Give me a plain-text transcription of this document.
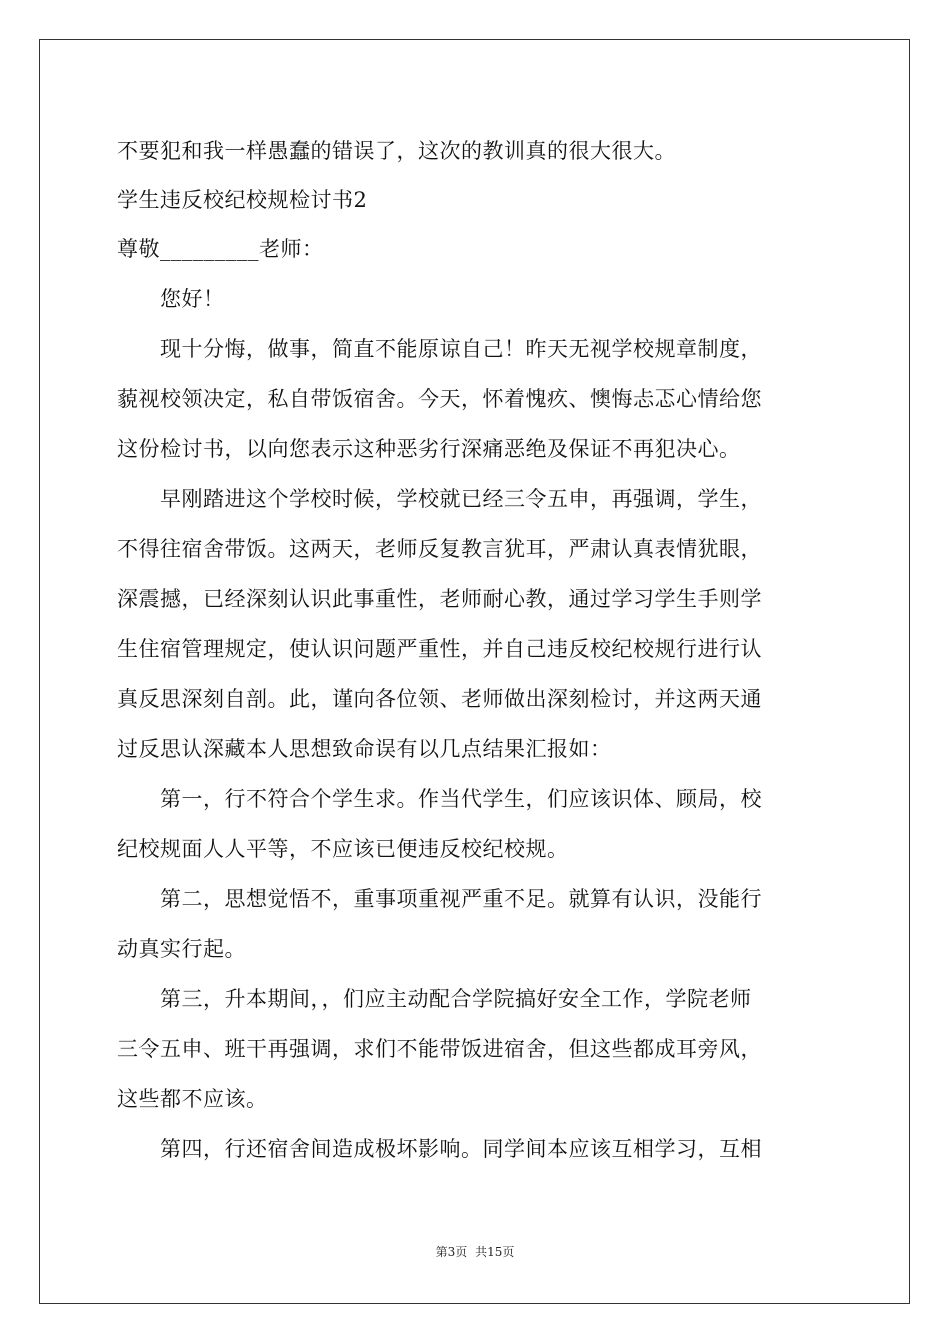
不要犯和我一样愚蠢的错误了，这次的教训真的很大很大。
学生违反校纪校规检讨书2
尊敬_________老师：
您好！
现十分悔，做事，简直不能原谅自己！昨天无视学校规章制度，
藐视校领决定，私自带饭宿舍。今天，怀着愧疚、懊悔忐忑心情给您
这份检讨书，以向您表示这种恶劣行深痛恶绝及保证不再犯决心。
早刚踏进这个学校时候，学校就已经三令五申，再强调，学生，
不得往宿舍带饭。这两天，老师反复教言犹耳，严肃认真表情犹眼，
深震撼，已经深刻认识此事重性，老师耐心教，通过学习学生手则学
生住宿管理规定，使认识问题严重性，并自己违反校纪校规行进行认
真反思深刻自剖。此，谨向各位领、老师做出深刻检讨，并这两天通
过反思认深藏本人思想致命误有以几点结果汇报如：
第一，行不符合个学生求。作当代学生，们应该识体、顾局，校
纪校规面人人平等，不应该已便违反校纪校规。
第二，思想觉悟不，重事项重视严重不足。就算有认识，没能行
动真实行起。
第三，升本期间，，们应主动配合学院搞好安全工作，学院老师
三令五申、班干再强调，求们不能带饭进宿舍，但这些都成耳旁风，
这些都不应该。
第四，行还宿舍间造成极坏影响。同学间本应该互相学习，互相
第3页 共15页
